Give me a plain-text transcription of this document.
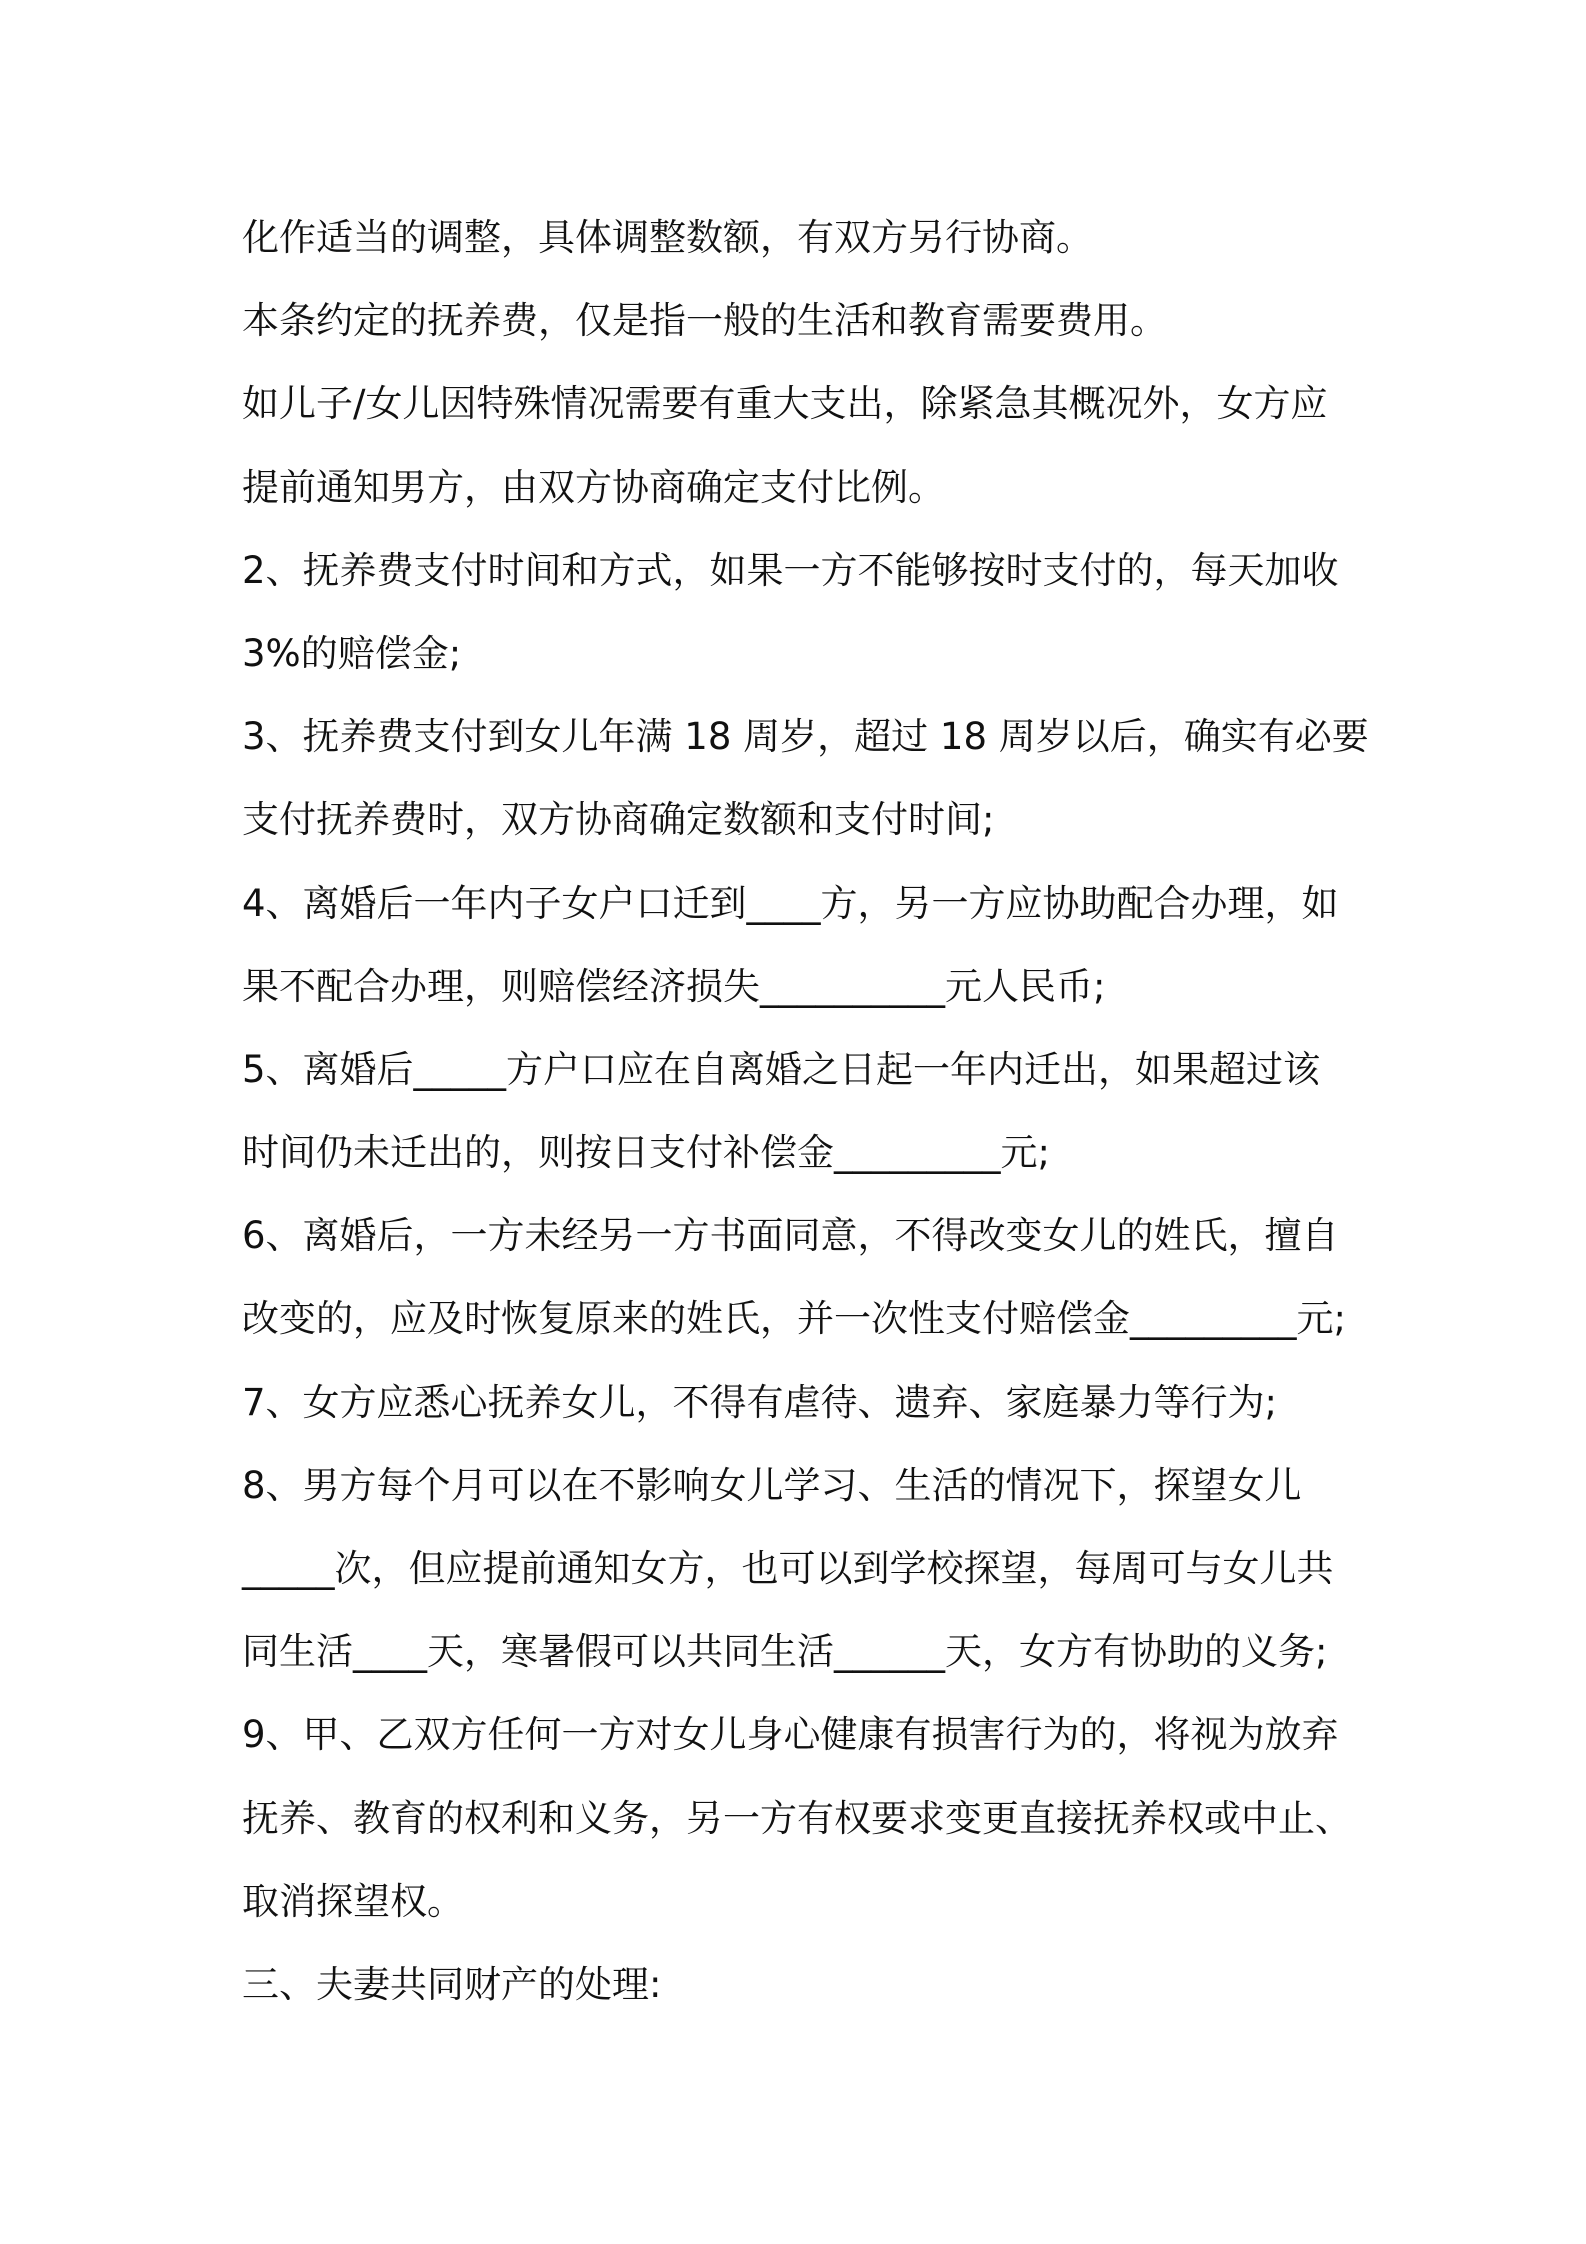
化作适当的调整，具体调整数额，有双方另行协商。
本条约定的抚养费，仅是指一般的生活和教育需要费用。
如儿子/女儿因特殊情况需要有重大支出，除紧急其概况外，女方应
提前通知男方，由双方协商确定支付比例。
2、抚养费支付时间和方式，如果一方不能够按时支付的，每天加收
3%的赔偿金;
3、抚养费支付到女儿年满 18 周岁，超过 18 周岁以后，确实有必要
支付抚养费时，双方协商确定数额和支付时间;
4、离婚后一年内子女户口迁到____方，另一方应协助配合办理，如
果不配合办理，则赔偿经济损失__________元人民币;
5、离婚后_____方户口应在自离婚之日起一年内迁出，如果超过该
时间仍未迁出的，则按日支付补偿金_________元;
6、离婚后，一方未经另一方书面同意，不得改变女儿的姓氏，擅自
改变的，应及时恢复原来的姓氏，并一次性支付赔偿金_________元;
7、女方应悉心抚养女儿，不得有虐待、遗弃、家庭暴力等行为;
8、男方每个月可以在不影响女儿学习、生活的情况下，探望女儿
_____次，但应提前通知女方，也可以到学校探望，每周可与女儿共
同生活____天，寒暑假可以共同生活______天，女方有协助的义务;
9、甲、乙双方任何一方对女儿身心健康有损害行为的，将视为放弃
抚养、教育的权利和义务，另一方有权要求变更直接抚养权或中止、
取消探望权。
三、夫妻共同财产的处理:
